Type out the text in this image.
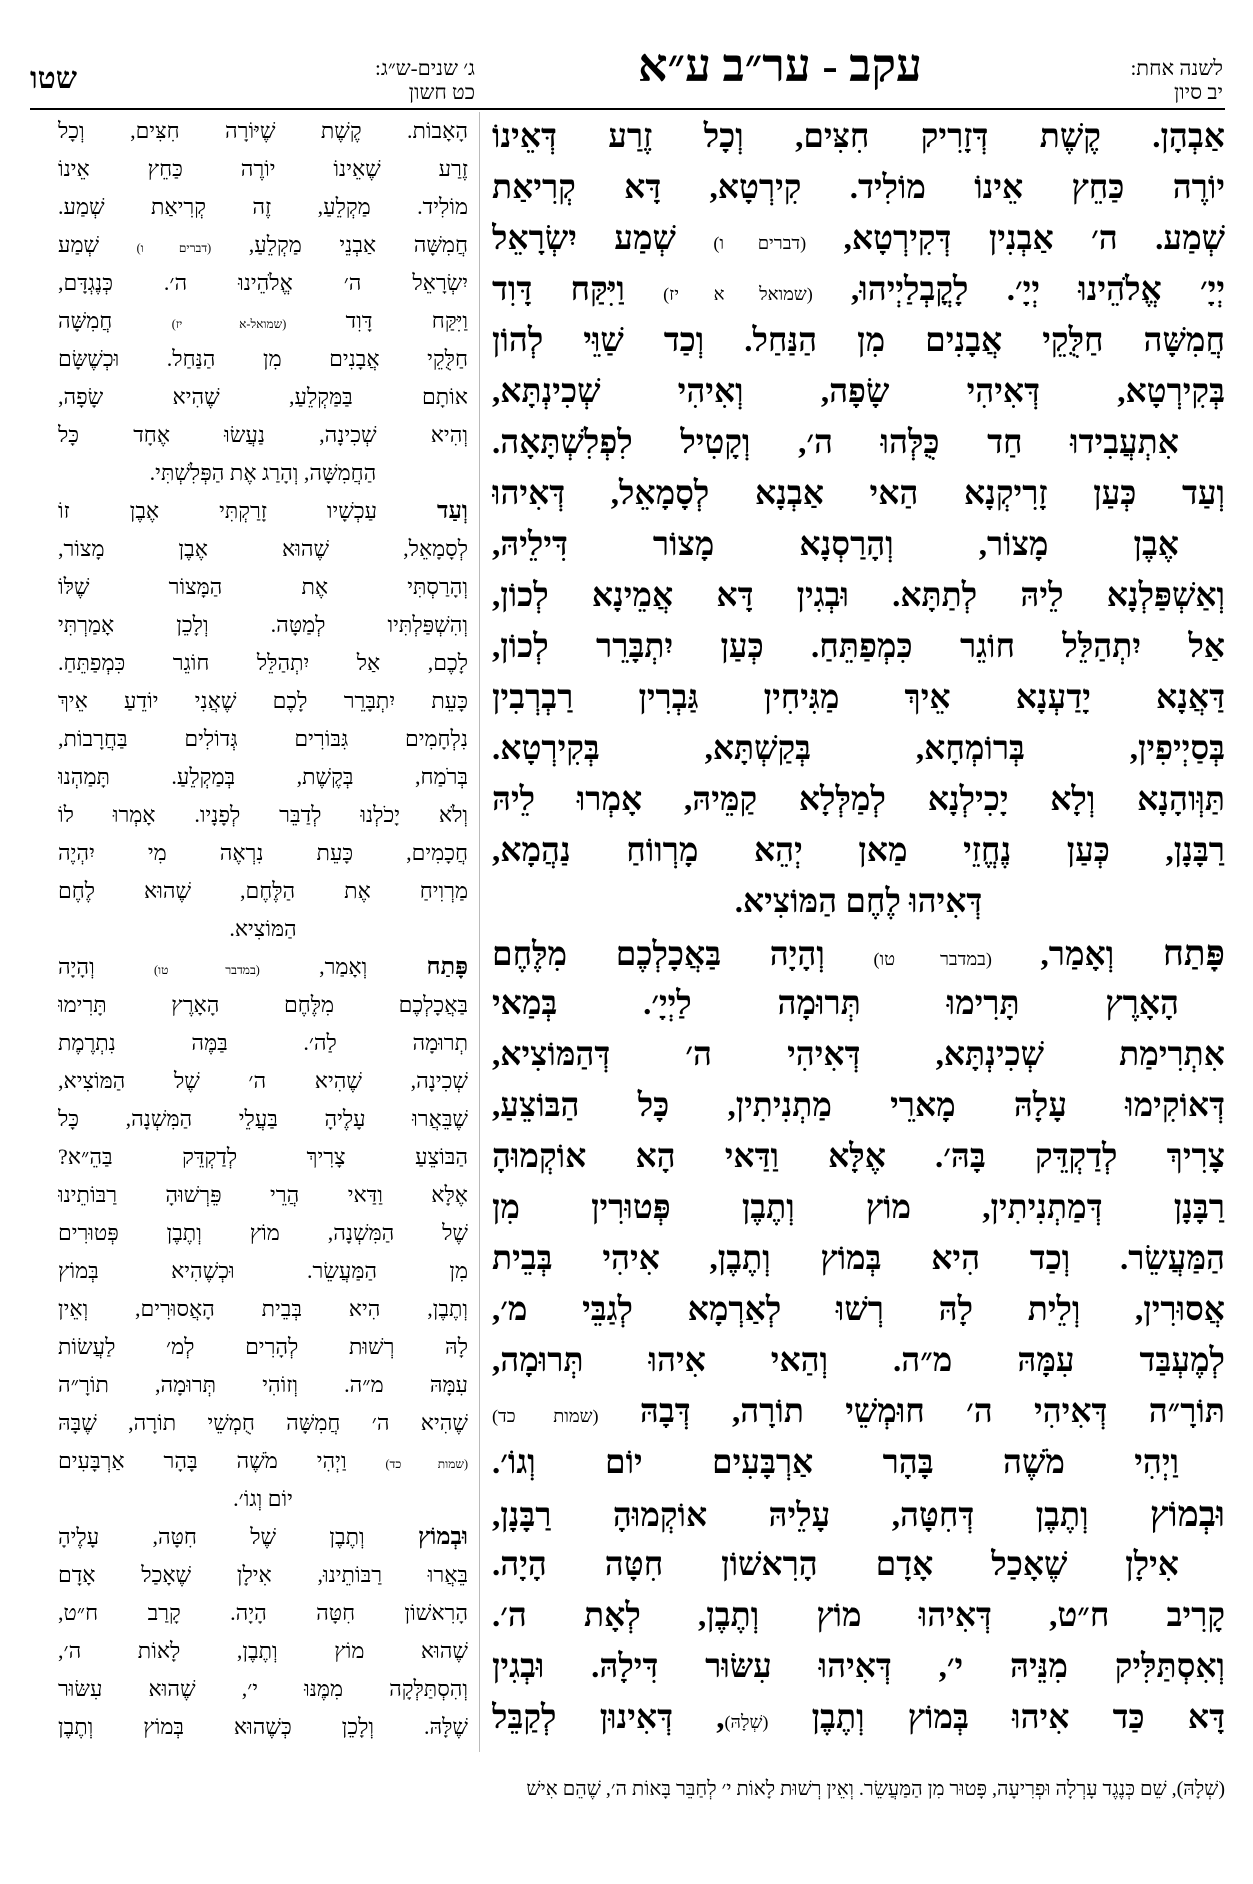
לשנה אחת:
יב סיון
עקב - ער״ב ע״א
ג׳ שנים-ש״ג:
כט חשון
שטו
אַבְהָן. קֶשֶׁת דְּזָרִיק חִצִּים, וְכָל זֶרַע דְּאֵינוֹ
יוֹרֶה כַּחֵץ אֵינוֹ מוֹלִיד. קִירְטָא, דָּא קְרִיאַת
שְׁמַע. ה׳ אַבְנִין דְּקִירְטָא, (דברים ו) שְׁמַע יִשְׂרָאֵל
יְיָ׳ אֱלֹהֵינוּ יְיָ׳. לָקֳבְלַיְיהוּ, (שמואל א יז) וַיִּקַּח דָּוִד
חֲמִשָּׁה חַלֻּקֵי אֲבָנִים מִן הַנַּחַל. וְכַד שַׁוֵּי לְהוֹן
בְּקִירְטָא, דְּאִיהִי שָׂפָה, וְאִיהִי שְׁכִינְתָּא,
אִתְעֲבִידוּ חַד כֻּלְּהוּ ה׳, וְקָטִיל לִפְלִשְׁתָּאָה.
וְעַד כְּעַן זָרִיקְנָא הַאי אַבְנָא לְסָמָאֵל, דְּאִיהוּ
אֶבֶן מָצוֹר, וְהָרַסְנָא מָצוֹר דִּילֵיהּ,
וְאַשְׁפַּלְנָא לֵיהּ לְתַתָּא. וּבְגִין דָּא אֲמֵינָא לְכוֹן,
אַל יִתְהַלֵּל חוֹגֵר כִּמְפַתֵּחַ. כְּעַן יִתְבָּרֵר לְכוֹן,
דַּאֲנָא יָדַעְנָא אֵיךְ מַגִּיחִין גַּבְרִין רַבְרְבִין
בְּסַיְיפִין, בְּרוֹמְחָא, בְּקַשְׁתָּא, בְּקִירְטָא.
תַּוְּוהָנָא וְלָא יָכִילְנָא לְמַלְּלָא קַמֵּיהּ, אָמְרוּ לֵיהּ
רַבָּנָן, כְּעַן נֶחֱזֵי מַאן יְהֵא מָרְווֹחַ נַהֲמָא,
דְּאִיהוּ לֶחֶם הַמּוֹצִיא.
פָּתַח וְאָמַר, (במדבר טו) וְהָיָה בַּאֲכָלְכֶם מִלֶּחֶם
הָאָרֶץ תָּרִימוּ תְּרוּמָה לַיְיָ׳. בְּמַאי
אִתְרִימַת שְׁכִינְתָּא, דְּאִיהִי ה׳ דְּהַמּוֹצִיא,
דְּאוֹקִימוּ עָלָהּ מָארֵי מַתְנִיתִין, כָּל הַבּוֹצֵעַ,
צָרִיךְ לְדַקְדֵּק בָּהּ׳. אֶלָּא וַדַּאי הָא אוֹקְמוּהָ
רַבָּנָן דְּמַתְנִיתִין, מוֹץ וְתֶבֶן פְּטוּרִין מִן
הַמַּעֲשֵׂר. וְכַד הִיא בְּמוֹץ וְתֶבֶן, אִיהִי בְּבֵית
אֲסוּרִין, וְלֵית לָהּ רְשׁוּ לְאַרְמָא לְגַבֵּי מ׳,
לְמֶעְבַּד עִמָּהּ מ״ה. וְהַאי אִיהוּ תְּרוּמָה,
תּוֹרָ״ה דְּאִיהִי ה׳ חוּמְשֵׁי תוֹרָה, דְּבָהּ (שמות כד)
וַיְהִי מֹשֶׁה בָּהָר אַרְבָּעִים יוֹם וְגוֹ׳.
וּבְמוֹץ וְתֶבֶן דְּחִטָּה, עָלֵיהּ אוֹקְמוּהָ רַבָּנָן,
אִילָן שֶׁאָכַל אָדָם הָרִאשׁוֹן חִטָּה הָיָה.
קָרִיב ח״ט, דְּאִיהוּ מוֹץ וְתֶבֶן, לְאָת ה׳.
וְאִסְתַּלִּיק מִנֵּיהּ י׳, דְּאִיהוּ עִשּׂוּר דִּילָהּ. וּבְגִין
דָּא כַּד אִיהוּ בְּמוֹץ וְתֶבֶן (שְׁלָהּ), דְּאִינוּן לְקַבֵּל
הָאָבוֹת. קֶשֶׁת שֶׁיּוֹרָה חִצִּים, וְכָל
זֶרַע שֶׁאֵינוֹ יוֹרֶה כַּחֵץ אֵינוֹ
מוֹלִיד. מַקְלֵעַ, זֶה קְרִיאַת שְׁמַע.
חֲמִשָּׁה אַבְנֵי מַקְלֵעַ, (דברים ו) שְׁמַע
יִשְׂרָאֵל ה׳ אֱלֹהֵינוּ ה׳. כְּנֶגְדָּם,
וַיִּקַּח דָּוִד (שמואל-א יז) חֲמִשָּׁה
חַלֻּקֵי אֲבָנִים מִן הַנַּחַל. וּכְשֶׁשָּׂם
אוֹתָם בַּמַּקְלֵעַ, שֶׁהִיא שָׂפָה,
וְהִיא שְׁכִינָה, נַעֲשׂוּ אֶחָד כָּל
הַחֲמִשָּׁה, וְהָרַג אֶת הַפְּלִשְׁתִּי.
וְעַד עַכְשָׁיו זָרַקְתִּי אֶבֶן זוֹ
לְסָמָאֵל, שֶׁהוּא אֶבֶן מָצוֹר,
וְהָרַסְתִּי אֶת הַמָּצוֹר שֶׁלּוֹ
וְהִשְׁפַּלְתִּיו לְמַטָּה. וְלָכֵן אָמַרְתִּי
לָכֶם, אַל יִתְהַלֵּל חוֹגֵר כִּמְפַתֵּחַ.
כָּעֵת יִתְבָּרֵר לָכֶם שֶׁאֲנִי יוֹדֵעַ אֵיךְ
נִלְחָמִים גִּבּוֹרִים גְּדוֹלִים בַּחֲרָבוֹת,
בְּרֹמַח, בְּקֶשֶׁת, בְּמַקְלֵעַ. תָּמַהְנוּ
וְלֹא יָכֹלְנוּ לְדַבֵּר לְפָנָיו. אָמְרוּ לוֹ
חֲכָמִים, כָּעֵת נִרְאֶה מִי יִהְיֶה
מַרְוִיחַ אֶת הַלֶּחֶם, שֶׁהוּא לֶחֶם
הַמּוֹצִיא.
פָּתַח וְאָמַר, (במדבר טו) וְהָיָה
בַּאֲכָלְכֶם מִלֶּחֶם הָאָרֶץ תָּרִימוּ
תְרוּמָה לַה׳. בַּמֶּה נִתְרֶמֶת
שְׁכִינָה, שֶׁהִיא ה׳ שֶׁל הַמּוֹצִיא,
שֶׁבֵּאֲרוּ עָלֶיהָ בַּעֲלֵי הַמִּשְׁנָה, כָּל
הַבּוֹצֵעַ צָרִיךְ לְדַקְדֵּק בַּהֵ״א?
אֶלָּא וַדַּאי הֲרֵי פֵּרְשׁוּהָ רַבּוֹתֵינוּ
שֶׁל הַמִּשְׁנָה, מוֹץ וְתֶבֶן פְּטוּרִים
מִן הַמַּעֲשֵׂר. וּכְשֶׁהִיא בְּמוֹץ
וְתֶבֶן, הִיא בְּבֵית הָאֲסוּרִים, וְאֵין
לָהּ רְשׁוּת לְהָרִים לְמ׳ לַעֲשׂוֹת
עִמָּהּ מ״ה. וְזוֹהִי תְּרוּמָה, תוֹרָ״ה
שֶׁהִיא ה׳ חֲמִשָּׁה חֻמְשֵׁי תוֹרָה, שֶׁבָּהּ
(שמות כד) וַיְהִי מֹשֶׁה בָּהָר אַרְבָּעִים
יוֹם וְגוֹ׳.
וּבְמוֹץ וְתֶבֶן שֶׁל חִטָּה, עָלֶיהָ
בֵּאֲרוּ רַבּוֹתֵינוּ, אִילָן שֶׁאָכַל אָדָם
הָרִאשׁוֹן חִטָּה הָיָה. קָרַב ח״ט,
שֶׁהוּא מוֹץ וְתֶבֶן, לָאוֹת ה׳,
וְהִסְתַּלְּקָה מִמֶּנּוּ י׳, שֶׁהוּא עִשּׂוּר
שֶׁלָּהּ. וְלָכֵן כְּשֶׁהוּא בְּמוֹץ וְתֶבֶן
(שְׁלָהּ), שֵׁם כְּנֶגֶד עָרְלָה וּפְרִיעָה, פָּטוּר מִן הַמַּעֲשֵׂר. וְאֵין רְשׁוּת לָאוֹת י׳ לְחַבֵּר בָּאוֹת ה׳, שֶׁהֵם אִישׁ
